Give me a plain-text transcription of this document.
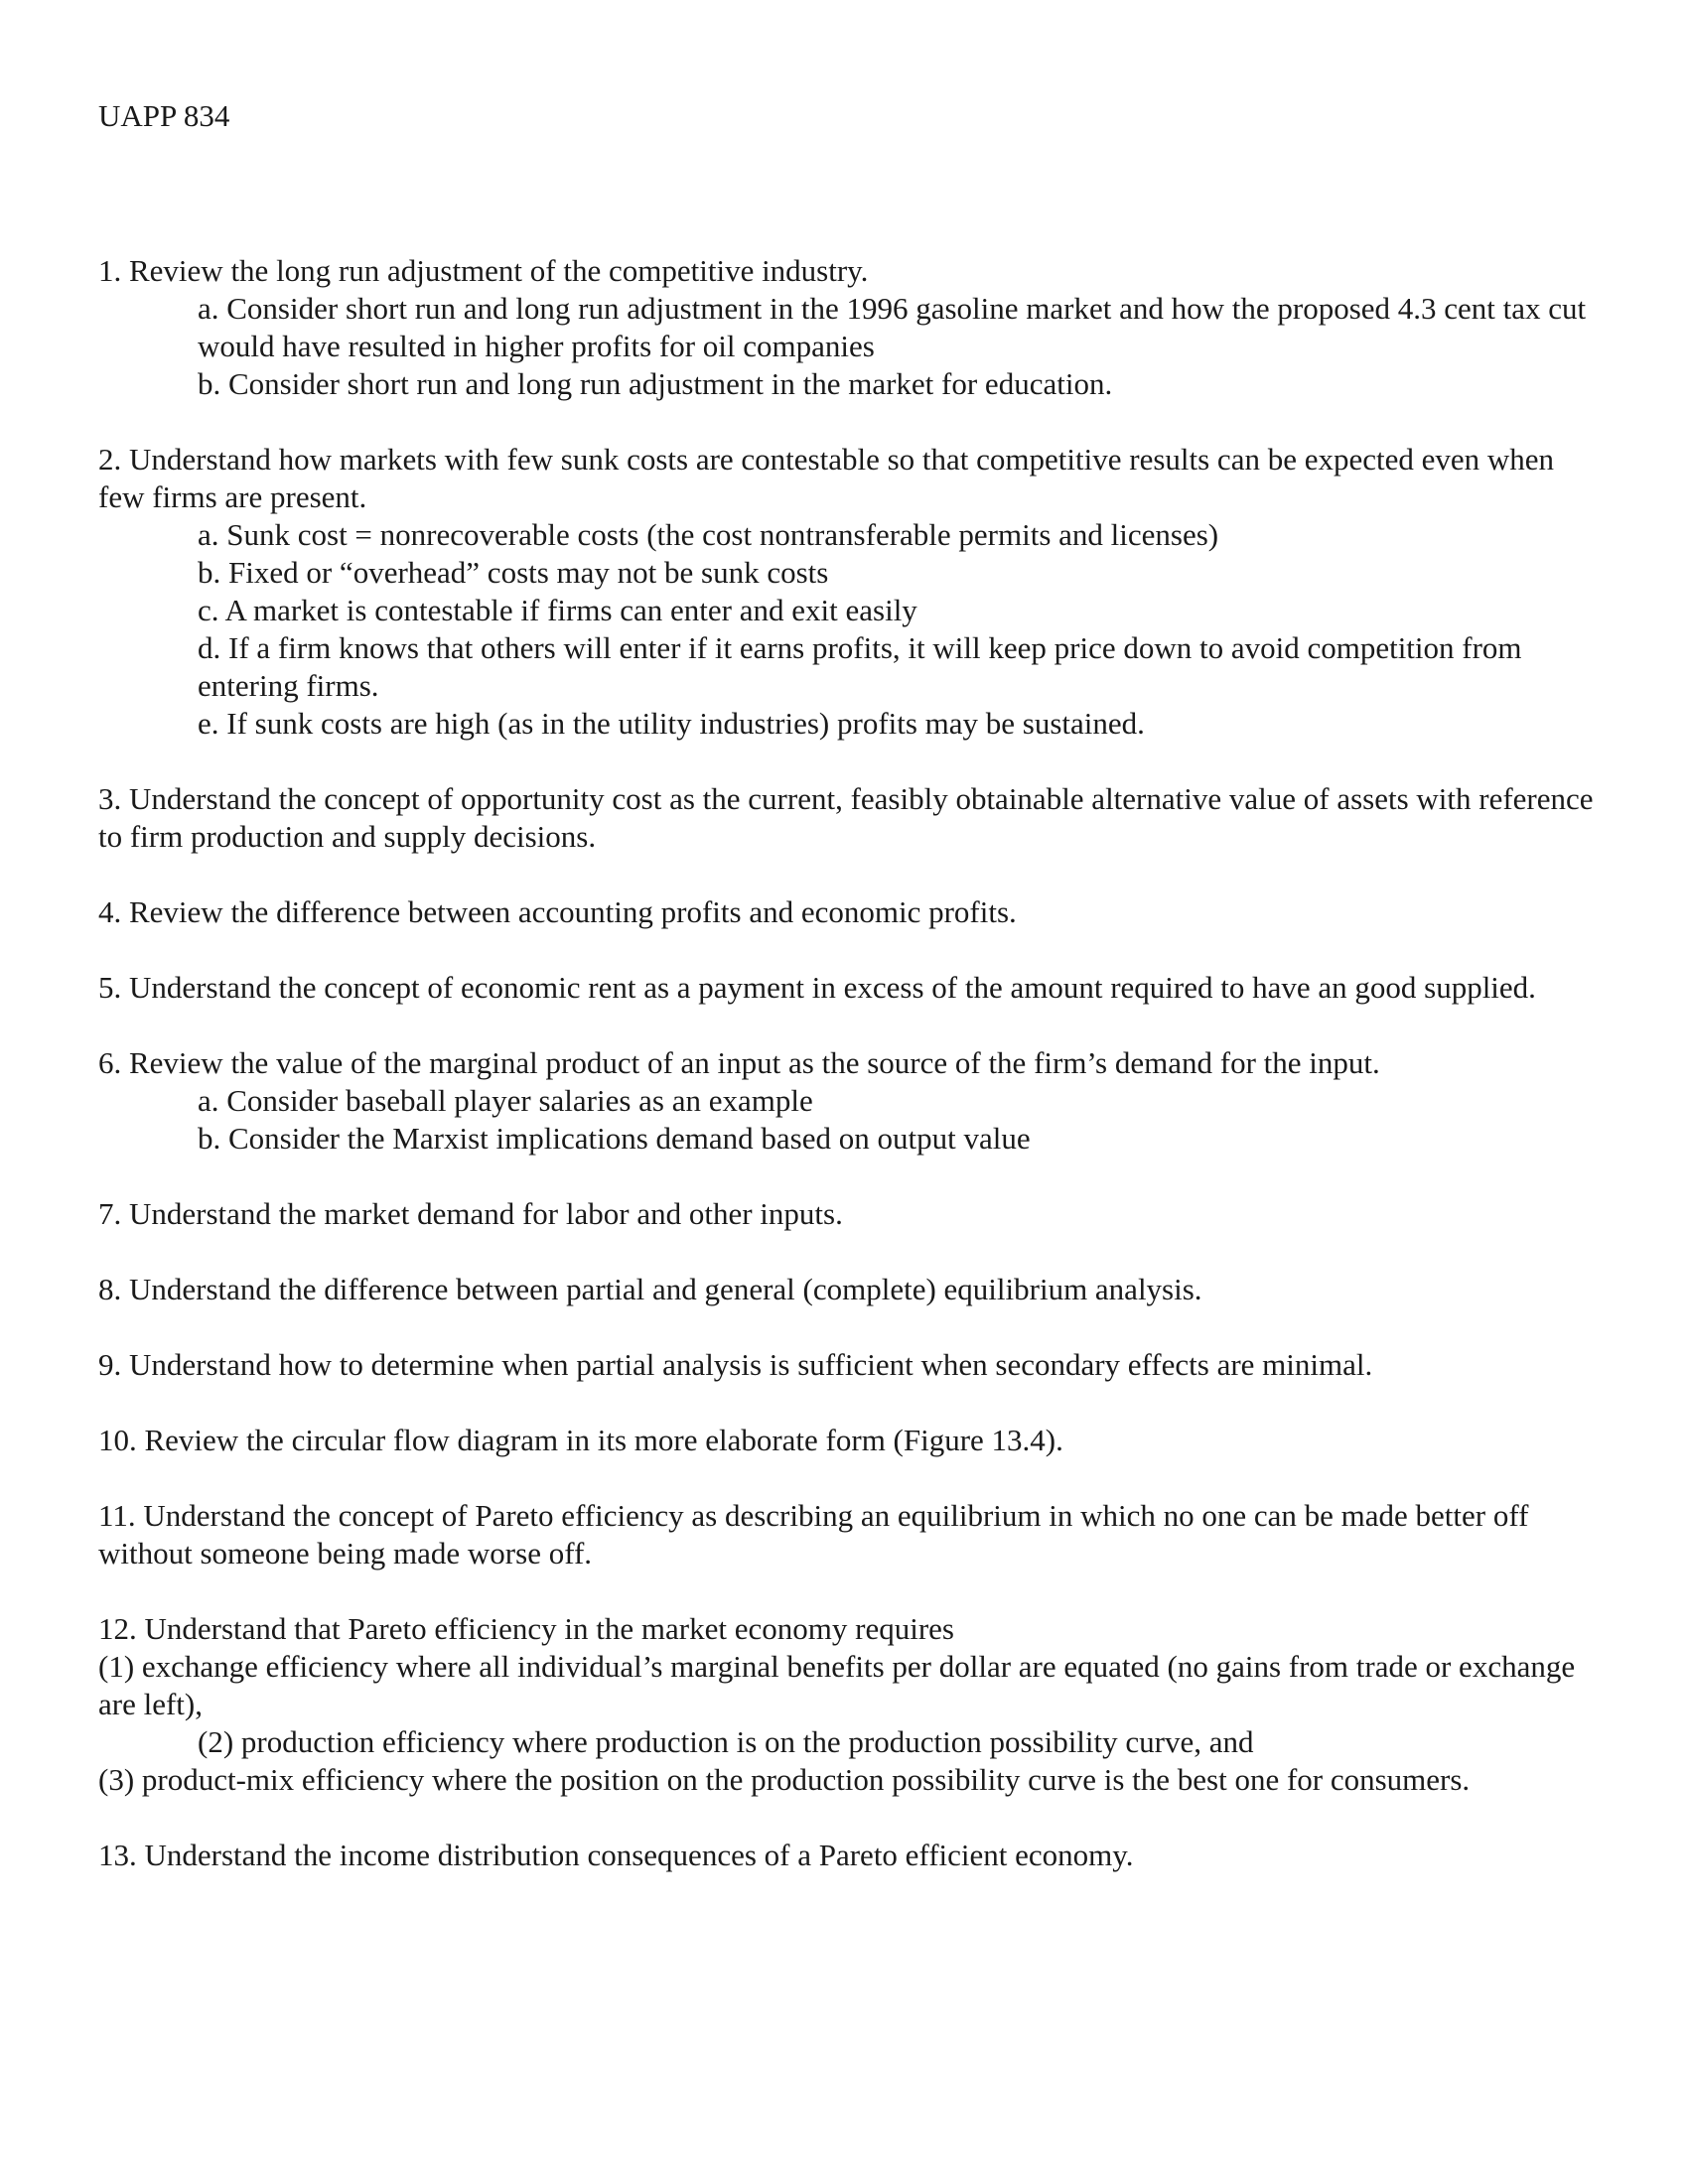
UAPP 834

1. Review the long run adjustment of the competitive industry.

a. Consider short run and long run adjustment in the 1996 gasoline market and how the proposed 4.3 cent tax cut would have resulted in higher profits for oil companies

b. Consider short run and long run adjustment in the market for education.

2. Understand how markets with few sunk costs are contestable so that competitive results can be expected even when few firms are present.

a. Sunk cost = nonrecoverable costs (the cost nontransferable permits and licenses)

b. Fixed or “overhead” costs may not be sunk costs

c. A market is contestable if firms can enter and exit easily

d. If a firm knows that others will enter if it earns profits, it will keep price down to avoid competition from entering firms.

e. If sunk costs are high (as in the utility industries) profits may be sustained.

3. Understand the concept of opportunity cost as the current, feasibly obtainable alternative value of assets with reference to firm production and supply decisions.

4. Review the difference between accounting profits and economic profits.

5. Understand the concept of economic rent as a payment in excess of the amount required to have an good supplied.

6. Review the value of the marginal product of an input as the source of the firm’s demand for the input.

a. Consider baseball player salaries as an example

b. Consider the Marxist implications demand based on output value

7. Understand the market demand for labor and other inputs.

8. Understand the difference between partial and general (complete) equilibrium analysis.

9. Understand how to determine when partial analysis is sufficient when secondary effects are minimal.

10. Review the circular flow diagram in its more elaborate form (Figure 13.4).

11. Understand the concept of Pareto efficiency as describing an equilibrium in which no one can be made better off without someone being made worse off.

12. Understand that Pareto efficiency in the market economy requires

(1) exchange efficiency where all individual’s marginal benefits per dollar are equated (no gains from trade or exchange are left),

(2) production efficiency where production is on the production possibility curve, and

(3) product-mix efficiency where the position on the production possibility curve is the best one for consumers.

13. Understand the income distribution consequences of a Pareto efficient economy.
